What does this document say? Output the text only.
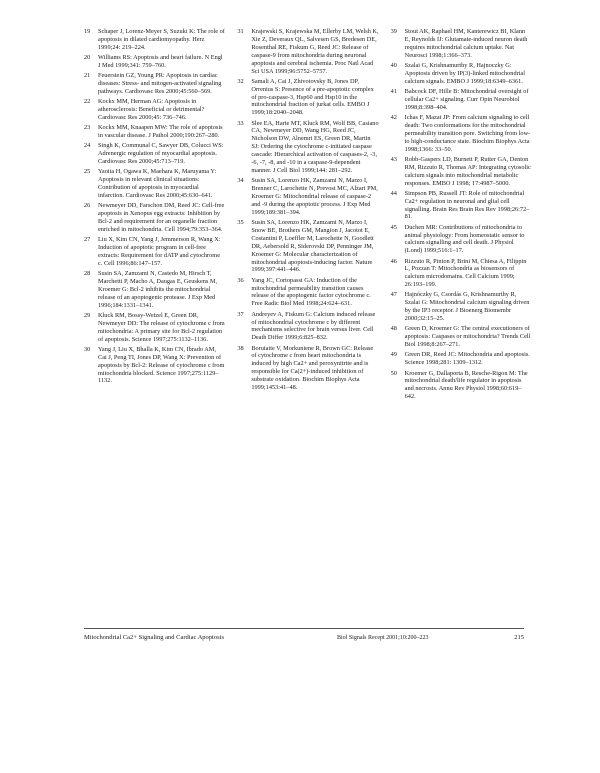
19	Schaper J, Lorenz-Meyer S, Suzuki K: The role of apoptosis in dilated cardiomyopathy. Herz 1999;24: 219–224.
20	Williams RS: Apoptosis and heart failure. N Engl J Med 1999;341: 759–760.
21	Feuerstein GZ, Young PR: Apoptosis in cardiac diseases: Stress- and mitogen-activated signaling pathways. Cardiovasc Res 2000;45:560–569.
22	Kockx MM, Herman AG: Apoptosis in atherosclerosis: Beneficial or detrimental? Cardiovasc Res 2000;45: 736–746.
23	Kockx MM, Knaapen MW: The role of apoptosis in vascular disease. J Pathol 2000;190:267–280.
24	Singh K, Communal C, Sawyer DB, Colucci WS: Adrenergic regulation of myocardial apoptosis. Cardiovasc Res 2000;45:713–719.
25	Yaoita H, Ogawa K, Maehara K, Maruyama Y: Apoptosis in relevant clinical situations: Contribution of apoptosis in myocardial infarction. Cardiovasc Res 2000;45:630–641.
26	Newmeyer DD, Farschon DM, Reed JC: Cell-free apoptosis in Xenopus egg extracts: Inhibition by Bcl-2 and requirement for an organelle fraction enriched in mitochondria. Cell 1994;79:353–364.
27	Liu X, Kim CN, Yang J, Jemmerson R, Wang X: Induction of apoptotic program in cell-free extracts: Requirement for dATP and cytochrome c. Cell 1996;86:147–157.
28	Susin SA, Zamzami N, Castedo M, Hirsch T, Marchetti P, Macho A, Daugas E, Geuskens M, Kroemer G: Bcl-2 inhibits the mitochondrial release of an apoptogenic protease. J Exp Med 1996;184:1331–1341.
29	Kluck RM, Bossy-Wetzel E, Green DR, Newmeyer DD: The release of cytochrome c from mitochondria: A primary site for Bcl-2 regulation of apoptosis. Science 1997;275:1132–1136.
30	Yang J, Liu X, Bhalla K, Kim CN, Ibrado AM, Cai J, Peng TI, Jones DP, Wang X: Prevention of apoptosis by Bcl-2: Release of cytochrome c from mitochondria blocked. Science 1997;275:1129–1132.
31	Krajewski S, Krajewska M, Ellerby LM, Welsh K, Xie Z, Deveraux QL, Salvesen GS, Bredesen DE, Rosenthal RE, Fiskum G, Reed JC: Release of caspase-9 from mitochondria during neuronal apoptosis and cerebral ischemia. Proc Natl Acad Sci USA 1999;96:5752–5757.
32	Samali A, Cai J, Zhivotovsky B, Jones DP, Orrenius S: Presence of a pre-apoptotic complex of pro-caspase-3, Hsp60 and Hsp10 in the mitochondrial fraction of jurkat cells. EMBO J 1999;18:2040–2048.
33	Slee EA, Harte MT, Kluck RM, Wolf BB, Casiano CA, Newmeyer DD, Wang HG, Reed JC, Nicholson DW, Alnemri ES, Green DR, Martin SJ: Ordering the cytochrome c-initiated caspase cascade: Hierarchical activation of caspases-2, -3, -6, -7, -8, and -10 in a caspase-9-dependent manner. J Cell Biol 1999;144: 281–292.
34	Susin SA, Lorenzo HK, Zamzami N, Marzo I, Brenner C, Larochette N, Prevost MC, Alzari PM, Kroemer G: Mitochondrial release of caspase-2 and -9 during the apoptotic process. J Exp Med 1999;189:381–394.
35	Susin SA, Lorenzo HK, Zamzami N, Marzo I, Snow BE, Brothers GM, Mangion J, Jacotot E, Costantini P, Loeffler M, Larochette N, Goodlett DR, Aebersold R, Siderovski DP, Penninger JM, Kroemer G: Molecular characterization of mitochondrial apoptosis-inducing factor. Nature 1999;397:441–446.
36	Yang JC, Cortopassi GA: Induction of the mitochondrial permeability transition causes release of the apoptogenic factor cytochrome c. Free Radic Biol Med 1998;24:624–631.
37	Andreyev A, Fiskum G: Calcium induced release of mitochondrial cytochrome c by different mechanisms selective for brain versus liver. Cell Death Differ 1999;6:825–832.
38	Borutaite V, Morkuniene R, Brown GC: Release of cytochrome c from heart mitochondria is induced by high Ca2+ and peroxynitrite and is responsible for Ca(2+)-induced inhibition of substrate oxidation. Biochim Biophys Acta 1999;1453:41–48.
39	Stout AK, Raphael HM, Kanterewicz BI, Klann E, Reynolds IJ: Glutamate-induced neuron death requires mitochondrial calcium uptake. Nat Neurosci 1998;1:366–373.
40	Szalai G, Krishnamurthy R, Hajnoczky G: Apoptosis driven by IP(3)-linked mitochondrial calcium signals. EMBO J 1999;18:6349–6361.
41	Babcock DF, Hille B: Mitochondrial oversight of cellular Ca2+ signaling. Curr Opin Neurobiol 1998;8:398–404.
42	Ichas F, Mazat JP: From calcium signaling to cell death: Two conformations for the mitochondrial permeability transition pore. Switching from low- to high-conductance state. Biochim Biophys Acta 1998;1366: 33–50.
43	Robb-Gaspers LD, Burnett P, Rutter GA, Denton RM, Rizzuto R, Thomas AP: Integrating cytosolic calcium signals into mitochondrial metabolic responses. EMBO J 1998; 17:4987–5000.
44	Simpson PB, Russell JT: Role of mitochondrial Ca2+ regulation in neuronal and glial cell signalling. Brain Res Brain Res Rev 1998;26:72–81.
45	Duchen MR: Contributions of mitochondria to animal physiology: From homeostatic sensor to calcium signalling and cell death. J Physiol (Lond) 1999;516:1–17.
46	Rizzuto R, Pinton P, Brini M, Chiesa A, Filippin L, Pozzan T: Mitochondria as biosensors of calcium microdomains. Cell Calcium 1999; 26:193–199.
47	Hajnóczky G, Csordás G, Krishnamurthy R, Szalai G: Mitochondrial calcium signaling driven by the IP3 receptor. J Bioenerg Biomembr 2000;32:15–25.
48	Green D, Kroemer G: The central executioners of apoptosis: Caspases or mitochondria? Trends Cell Biol 1998;8:267–271.
49	Green DR, Reed JC: Mitochondria and apoptosis. Science 1998;281: 1309–1312.
50	Kroemer G, Dallaporta B, Resche-Rigon M: The mitochondrial death/life regulator in apoptosis and necrosis. Annu Rev Physiol 1998;60:619–642.
Mitochondrial Ca2+ Signaling and Cardiac Apoptosis	Biol Signals Recept 2001;10:200–223	215
